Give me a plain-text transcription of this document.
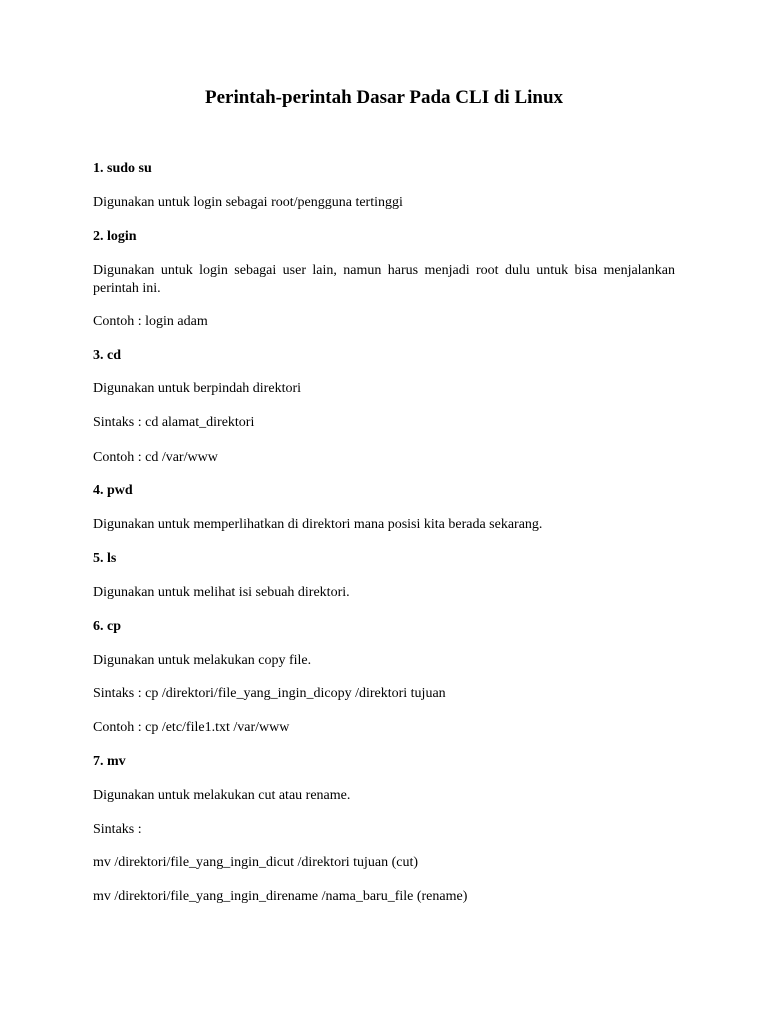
Perintah-perintah Dasar Pada CLI di Linux
1. sudo su
Digunakan untuk login sebagai root/pengguna tertinggi
2. login
Digunakan untuk login sebagai user lain, namun harus menjadi root dulu untuk bisa menjalankan perintah ini.
Contoh : login adam
3. cd
Digunakan untuk berpindah direktori
Sintaks : cd alamat_direktori
Contoh : cd /var/www
4. pwd
Digunakan untuk memperlihatkan di direktori mana posisi kita berada sekarang.
5. ls
Digunakan untuk melihat isi sebuah direktori.
6. cp
Digunakan untuk melakukan copy file.
Sintaks : cp /direktori/file_yang_ingin_dicopy /direktori tujuan
Contoh : cp /etc/file1.txt /var/www
7. mv
Digunakan untuk melakukan cut atau rename.
Sintaks :
mv /direktori/file_yang_ingin_dicut /direktori tujuan (cut)
mv /direktori/file_yang_ingin_direname /nama_baru_file (rename)
